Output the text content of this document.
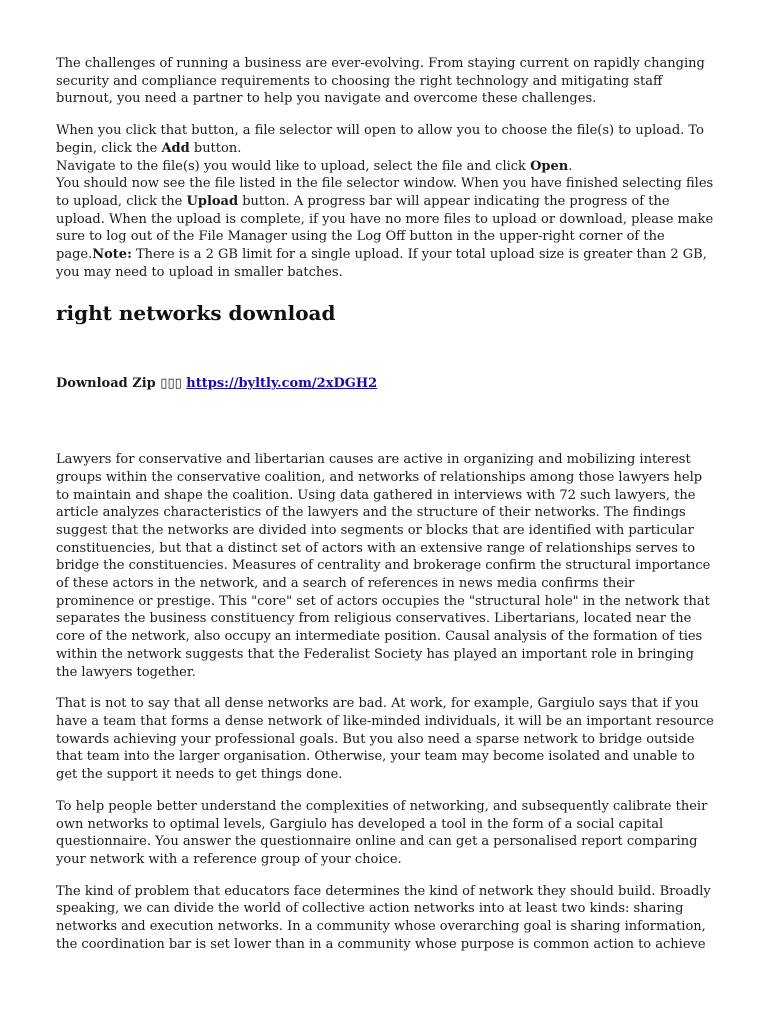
The challenges of running a business are ever-evolving. From staying current on rapidly changing security and compliance requirements to choosing the right technology and mitigating staff burnout, you need a partner to help you navigate and overcome these challenges.

When you click that button, a file selector will open to allow you to choose the file(s) to upload. To begin, click the Add button.

Navigate to the file(s) you would like to upload, select the file and click Open.

You should now see the file listed in the file selector window. When you have finished selecting files to upload, click the Upload button. A progress bar will appear indicating the progress of the upload. When the upload is complete, if you have no more files to upload or download, please make sure to log out of the File Manager using the Log Off button in the upper-right corner of the page.Note: There is a 2 GB limit for a single upload. If your total upload size is greater than 2 GB, you may need to upload in smaller batches.

right networks download
Download Zip ▯▯▯ https://byltly.com/2xDGH2

Lawyers for conservative and libertarian causes are active in organizing and mobilizing interest groups within the conservative coalition, and networks of relationships among those lawyers help to maintain and shape the coalition. Using data gathered in interviews with 72 such lawyers, the article analyzes characteristics of the lawyers and the structure of their networks. The findings suggest that the networks are divided into segments or blocks that are identified with particular constituencies, but that a distinct set of actors with an extensive range of relationships serves to bridge the constituencies. Measures of centrality and brokerage confirm the structural importance of these actors in the network, and a search of references in news media confirms their prominence or prestige. This "core" set of actors occupies the "structural hole" in the network that separates the business constituency from religious conservatives. Libertarians, located near the core of the network, also occupy an intermediate position. Causal analysis of the formation of ties within the network suggests that the Federalist Society has played an important role in bringing the lawyers together.

That is not to say that all dense networks are bad. At work, for example, Gargiulo says that if you have a team that forms a dense network of like-minded individuals, it will be an important resource towards achieving your professional goals. But you also need a sparse network to bridge outside that team into the larger organisation. Otherwise, your team may become isolated and unable to get the support it needs to get things done.

To help people better understand the complexities of networking, and subsequently calibrate their own networks to optimal levels, Gargiulo has developed a tool in the form of a social capital questionnaire. You answer the questionnaire online and can get a personalised report comparing your network with a reference group of your choice.

The kind of problem that educators face determines the kind of network they should build. Broadly speaking, we can divide the world of collective action networks into at least two kinds: sharing networks and execution networks. In a community whose overarching goal is sharing information, the coordination bar is set lower than in a community whose purpose is common action to achieve
